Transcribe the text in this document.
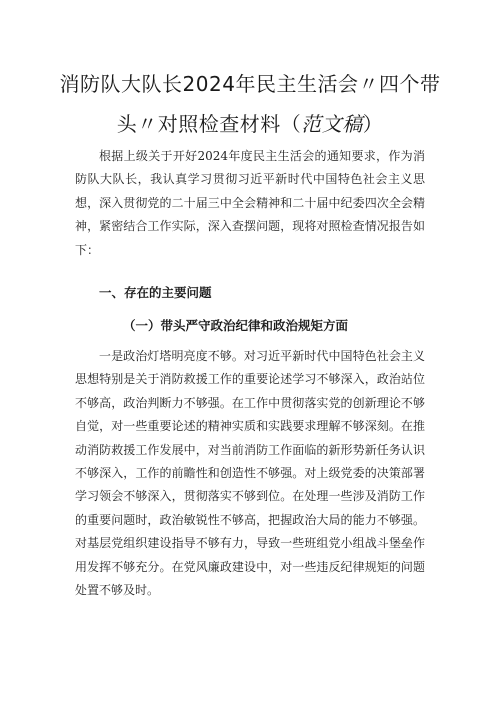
消防队大队长2024年民主生活会〃四个带
头〃对照检查材料（范文稿）

根据上级关于开好2024年度民主生活会的通知要求，作为消防队大队长，我认真学习贯彻习近平新时代中国特色社会主义思想，深入贯彻党的二十届三中全会精神和二十届中纪委四次全会精神，紧密结合工作实际，深入查摆问题，现将对照检查情况报告如下：

一、存在的主要问题
（一）带头严守政治纪律和政治规矩方面

一是政治灯塔明亮度不够。对习近平新时代中国特色社会主义思想特别是关于消防救援工作的重要论述学习不够深入，政治站位不够高，政治判断力不够强。在工作中贯彻落实党的创新理论不够自觉，对一些重要论述的精神实质和实践要求理解不够深刻。在推动消防救援工作发展中，对当前消防工作面临的新形势新任务认识不够深入，工作的前瞻性和创造性不够强。对上级党委的决策部署学习领会不够深入，贯彻落实不够到位。在处理一些涉及消防工作的重要问题时，政治敏锐性不够高，把握政治大局的能力不够强。对基层党组织建设指导不够有力，导致一些班组党小组战斗堡垒作用发挥不够充分。在党风廉政建设中，对一些违反纪律规矩的问题处置不够及时。
